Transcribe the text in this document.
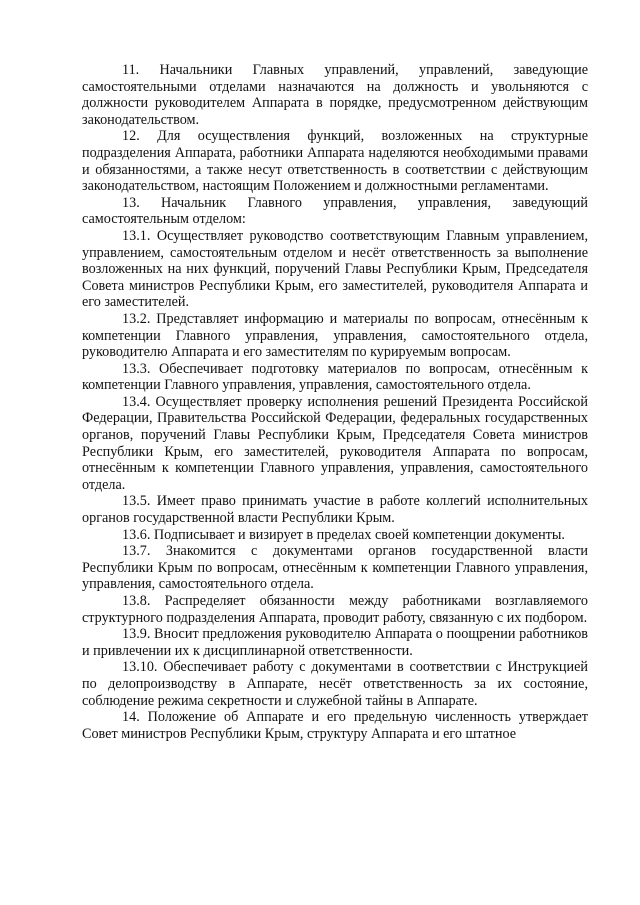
11. Начальники Главных управлений, управлений, заведующие самостоятельными отделами назначаются на должность и увольняются с должности руководителем Аппарата в порядке, предусмотренном действующим законодательством.

12. Для осуществления функций, возложенных на структурные подразделения Аппарата, работники Аппарата наделяются необходимыми правами и обязанностями, а также несут ответственность в соответствии с действующим законодательством, настоящим Положением и должностными регламентами.

13. Начальник Главного управления, управления, заведующий самостоятельным отделом:

13.1. Осуществляет руководство соответствующим Главным управлением, управлением, самостоятельным отделом и несёт ответственность за выполнение возложенных на них функций, поручений Главы Республики Крым, Председателя Совета министров Республики Крым, его заместителей, руководителя Аппарата и его заместителей.

13.2. Представляет информацию и материалы по вопросам, отнесённым к компетенции Главного управления, управления, самостоятельного отдела, руководителю Аппарата и его заместителям по курируемым вопросам.

13.3. Обеспечивает подготовку материалов по вопросам, отнесённым к компетенции Главного управления, управления, самостоятельного отдела.

13.4. Осуществляет проверку исполнения решений Президента Российской Федерации, Правительства Российской Федерации, федеральных государственных органов, поручений Главы Республики Крым, Председателя Совета министров Республики Крым, его заместителей, руководителя Аппарата по вопросам, отнесённым к компетенции Главного управления, управления, самостоятельного отдела.

13.5. Имеет право принимать участие в работе коллегий исполнительных органов государственной власти Республики Крым.

13.6. Подписывает и визирует в пределах своей компетенции документы.

13.7. Знакомится с документами органов государственной власти Республики Крым по вопросам, отнесённым к компетенции Главного управления, управления, самостоятельного отдела.

13.8. Распределяет обязанности между работниками возглавляемого структурного подразделения Аппарата, проводит работу, связанную с их подбором.

13.9. Вносит предложения руководителю Аппарата о поощрении работников и привлечении их к дисциплинарной ответственности.

13.10. Обеспечивает работу с документами в соответствии с Инструкцией по делопроизводству в Аппарате, несёт ответственность за их состояние, соблюдение режима секретности и служебной тайны в Аппарате.

14. Положение об Аппарате и его предельную численность утверждает Совет министров Республики Крым, структуру Аппарата и его штатное
